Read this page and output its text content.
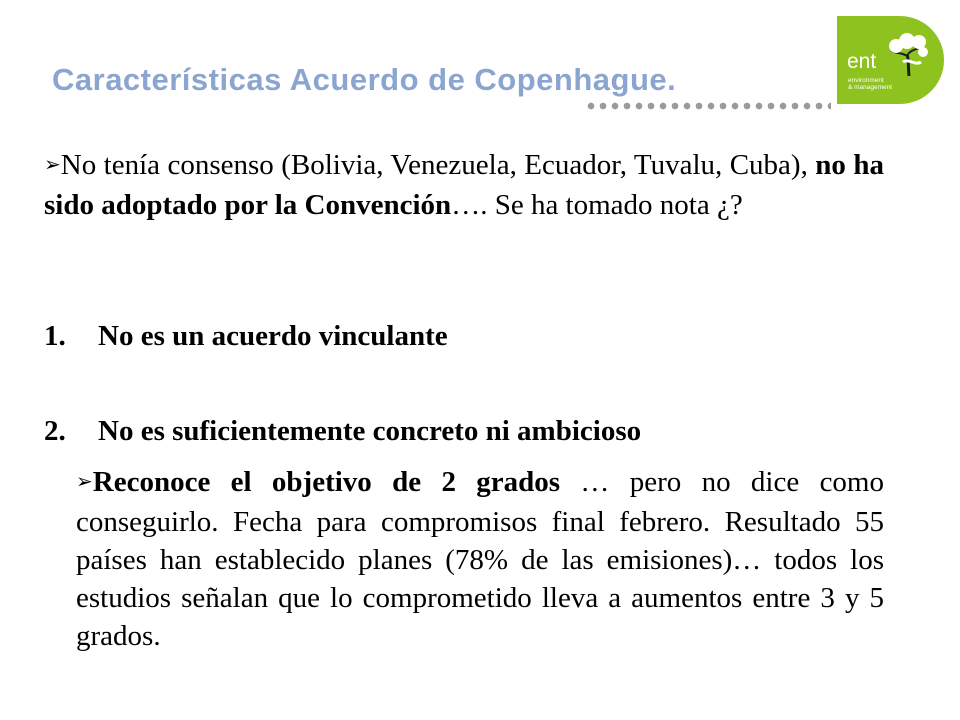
Características Acuerdo de Copenhague.
ent
environment
& management

➢No tenía consenso (Bolivia, Venezuela, Ecuador, Tuvalu, Cuba), no ha sido adoptado por la Convención…. Se ha tomado nota ¿?

1. No es un acuerdo vinculante

2. No es suficientemente concreto ni ambicioso

➢Reconoce el objetivo de 2 grados … pero no dice como conseguirlo. Fecha para compromisos final febrero. Resultado 55 países han establecido planes (78% de las emisiones)… todos los estudios señalan que lo comprometido lleva a aumentos entre 3 y 5 grados.
